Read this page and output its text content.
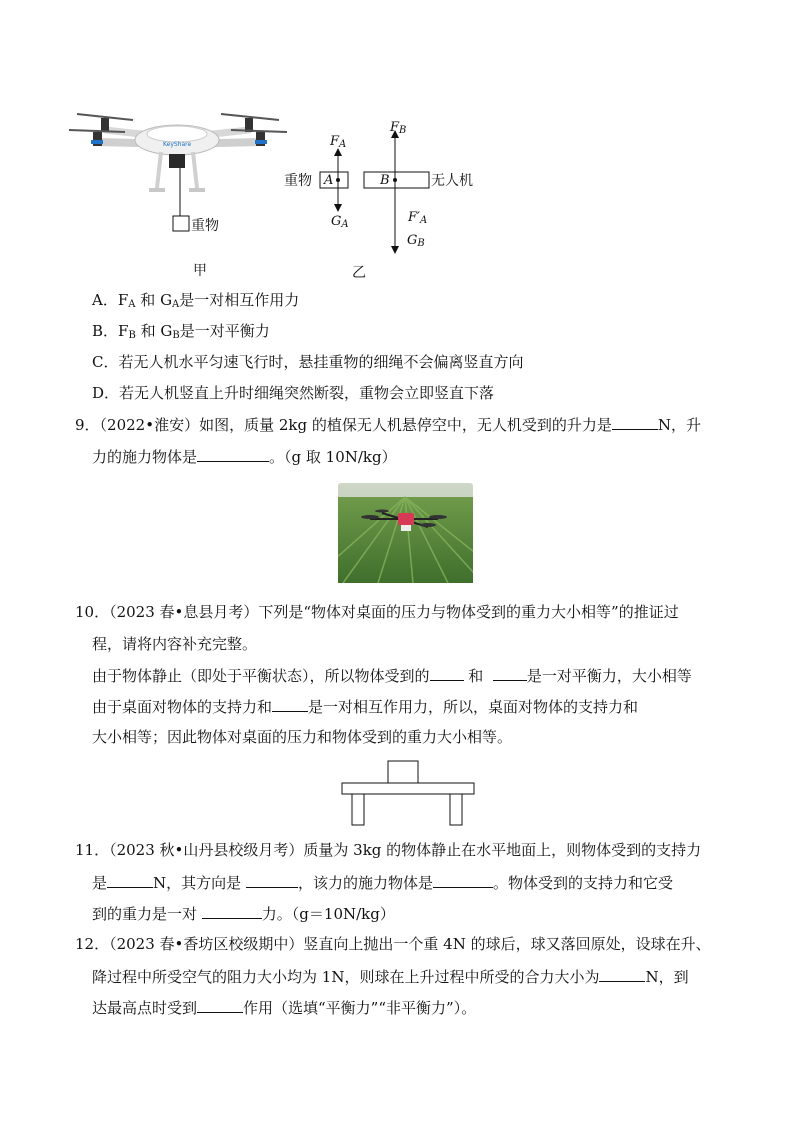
KeyShare
重物
甲
$F_A$
$F_B$
$G_A$	$F'_A$
$G_B$
A	B
重物	无人机
乙
A．$F_A$ 和 $G_A$是一对相互作用力
B．$F_B$ 和 $G_B$是一对平衡力
C．若无人机水平匀速飞行时，悬挂重物的细绳不会偏离竖直方向
D．若无人机竖直上升时细绳突然断裂，重物会立即竖直下落
9．（2022•淮安）如图，质量 2kg 的植保无人机悬停空中，无人机受到的升力是	N，升
力的施力物体是	。（g 取 10N/kg）
10．（2023 春•息县月考）下列是“物体对桌面的压力与物体受到的重力大小相等”的推证过
程，请将内容补充完整。
由于物体静止（即处于平衡状态），所以物体受到的	和	是一对平衡力，大小相等
由于桌面对物体的支持力和 是一对相互作用力，所以，桌面对物体的支持力和
大小相等；因此物体对桌面的压力和物体受到的重力大小相等。
11．（2023 秋•山丹县校级月考）质量为 3kg 的物体静止在水平地面上，则物体受到的支持力
是	N，其方向是	，该力的施力物体是	。物体受到的支持力和它受
到的重力是一对	力。（g＝10N/kg）
12．（2023 春•香坊区校级期中）竖直向上抛出一个重 4N 的球后，球又落回原处，设球在升、
降过程中所受空气的阻力大小均为 1N，则球在上升过程中所受的合力大小为	N，到
达最高点时受到	作用（选填“平衡力”“非平衡力”）。
